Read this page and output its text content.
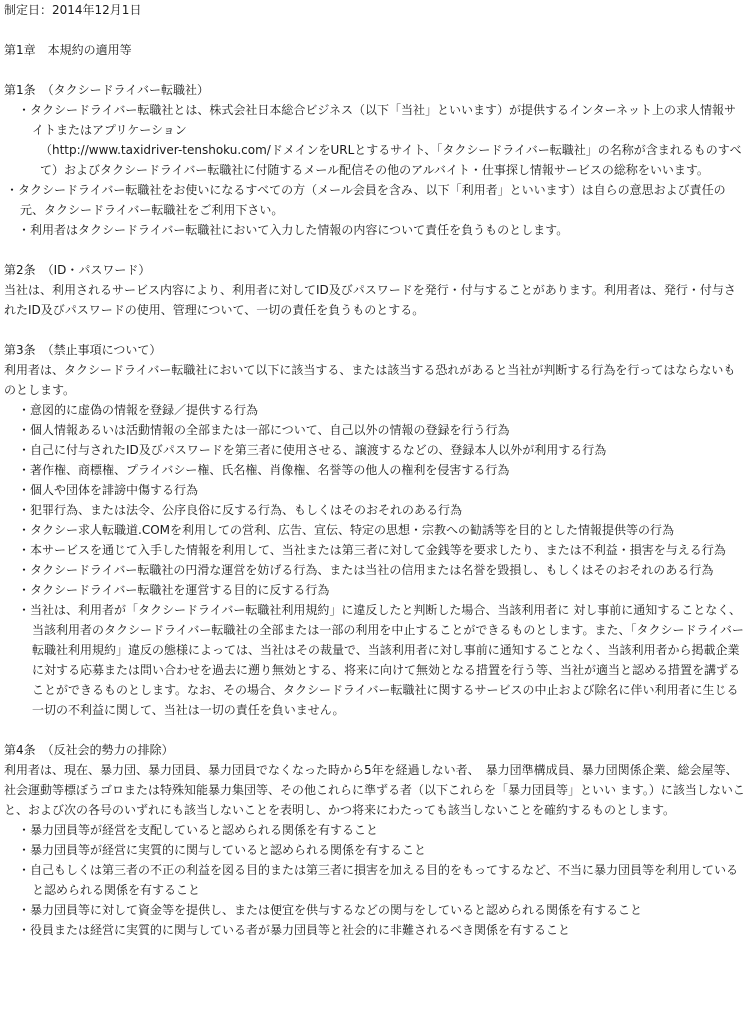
制定日：2014年12月1日

第1章　本規約の適用等

第1条　（タクシードライバー転職社）

・タクシードライバー転職社とは、株式会社日本総合ビジネス（以下「当社」といいます）が提供するインターネット上の求人情報サイトまたはアプリケーション

（http://www.taxidriver-tenshoku.com/ドメインをURLとするサイト、「タクシードライバー転職社」の名称が含まれるものすべて）およびタクシードライバー転職社に付随するメール配信その他のアルバイト・仕事探し情報サービスの総称をいいます。

・タクシードライバー転職社をお使いになるすべての方（メール会員を含み、以下「利用者」といいます）は自らの意思および責任の元、タクシードライバー転職社をご利用下さい。

・利用者はタクシードライバー転職社において入力した情報の内容について責任を負うものとします。

第2条　（ID・パスワード）

当社は、利用されるサービス内容により、利用者に対してID及びパスワードを発行・付与することがあります。利用者は、発行・付与されたID及びパスワードの使用、管理について、一切の責任を負うものとする。

第3条　（禁止事項について）

利用者は、タクシードライバー転職社において以下に該当する、または該当する恐れがあると当社が判断する行為を行ってはならないものとします。

・意図的に虚偽の情報を登録／提供する行為

・個人情報あるいは活動情報の全部または一部について、自己以外の情報の登録を行う行為

・自己に付与されたID及びパスワードを第三者に使用させる、譲渡するなどの、登録本人以外が利用する行為

・著作権、商標権、プライバシー権、氏名権、肖像権、名誉等の他人の権利を侵害する行為

・個人や団体を誹謗中傷する行為

・犯罪行為、または法令、公序良俗に反する行為、もしくはそのおそれのある行為

・タクシー求人転職道.COMを利用しての営利、広告、宣伝、特定の思想・宗教への勧誘等を目的とした情報提供等の行為

・本サービスを通じて入手した情報を利用して、当社または第三者に対して金銭等を要求したり、または不利益・損害を与える行為

・タクシードライバー転職社の円滑な運営を妨げる行為、または当社の信用または名誉を毀損し、もしくはそのおそれのある行為

・タクシードライバー転職社を運営する目的に反する行為

・当社は、利用者が「タクシードライバー転職社利用規約」に違反したと判断した場合、当該利用者に 対し事前に通知することなく、当該利用者のタクシードライバー転職社の全部または一部の利用を中止することができるものとします。また、「タクシードライバー転職社利用規約」違反の態様によっては、当社はその裁量で、当該利用者に対し事前に通知することなく、当該利用者から掲載企業に対する応募または問い合わせを過去に遡り無効とする、将来に向けて無効となる措置を行う等、当社が適当と認める措置を講ずることができるものとします。なお、その場合、タクシードライバー転職社に関するサービスの中止および除名に伴い利用者に生じる一切の不利益に関して、当社は一切の責任を負いません。

第4条　（反社会的勢力の排除）

利用者は、現在、暴力団、暴力団員、暴力団員でなくなった時から5年を経過しない者、　暴力団準構成員、暴力団関係企業、総会屋等、社会運動等標ぼうゴロまたは特殊知能暴力集団等、その他これらに準ずる者（以下これらを「暴力団員等」といい ます。）に該当しないこと、および次の各号のいずれにも該当しないことを表明し、かつ将来にわたっても該当しないことを確約するものとします。

・暴力団員等が経営を支配していると認められる関係を有すること

・暴力団員等が経営に実質的に関与していると認められる関係を有すること

・自己もしくは第三者の不正の利益を図る目的または第三者に損害を加える目的をもってするなど、不当に暴力団員等を利用していると認められる関係を有すること

・暴力団員等に対して資金等を提供し、または便宜を供与するなどの関与をしていると認められる関係を有すること

・役員または経営に実質的に関与している者が暴力団員等と社会的に非難されるべき関係を有すること
